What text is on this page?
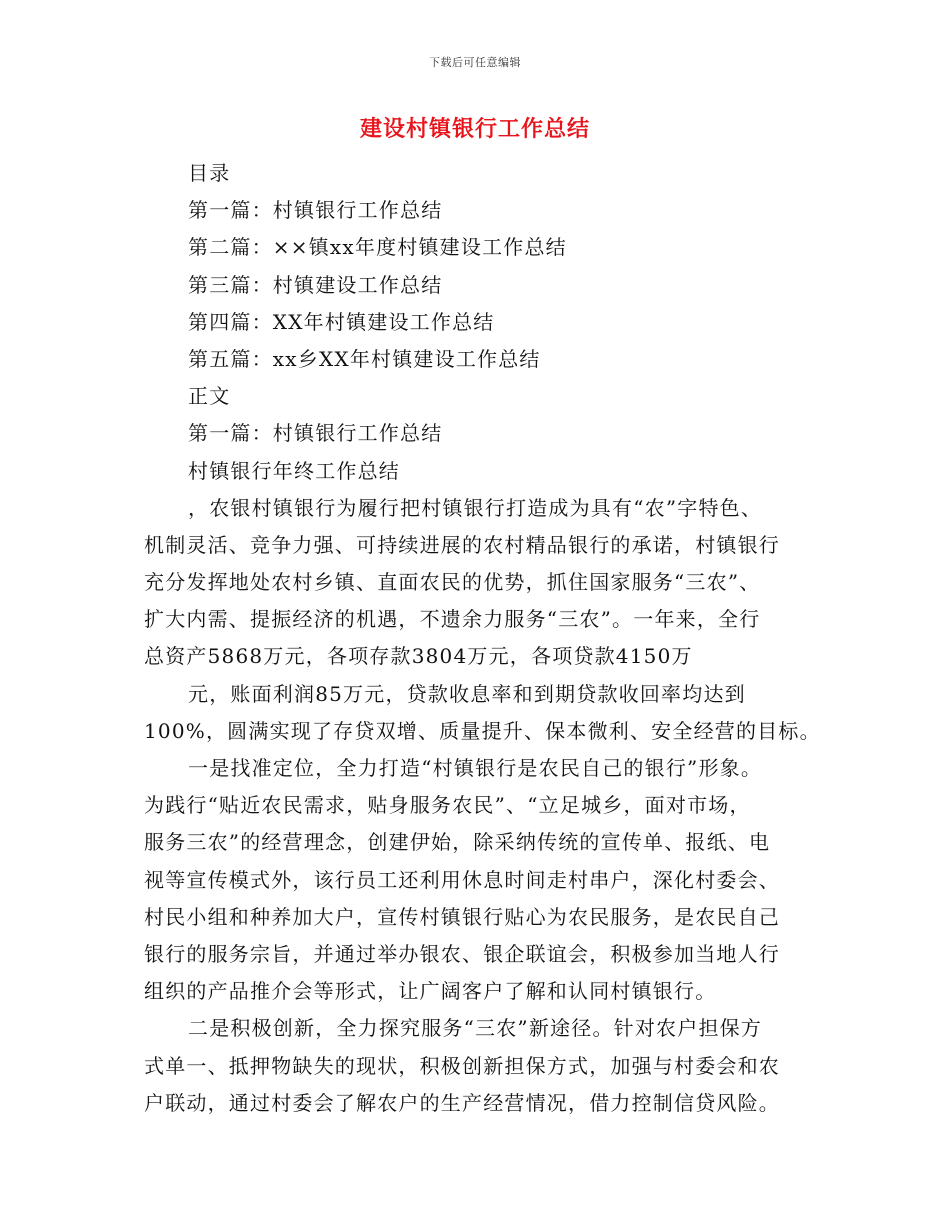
下载后可任意编辑
建设村镇银行工作总结
目录
第一篇：村镇银行工作总结
第二篇：××镇xx年度村镇建设工作总结
第三篇：村镇建设工作总结
第四篇：XX年村镇建设工作总结
第五篇：xx乡XX年村镇建设工作总结
正文
第一篇：村镇银行工作总结
村镇银行年终工作总结
，农银村镇银行为履行把村镇银行打造成为具有“农”字特色、
机制灵活、竞争力强、可持续进展的农村精品银行的承诺，村镇银行
充分发挥地处农村乡镇、直面农民的优势，抓住国家服务“三农”、
扩大内需、提振经济的机遇，不遗余力服务“三农”。一年来，全行
总资产5868万元，各项存款3804万元，各项贷款4150万
元，账面利润85万元，贷款收息率和到期贷款收回率均达到
100%，圆满实现了存贷双增、质量提升、保本微利、安全经营的目标。
一是找准定位，全力打造“村镇银行是农民自己的银行”形象。
为践行“贴近农民需求，贴身服务农民”、“立足城乡，面对市场，
服务三农”的经营理念，创建伊始，除采纳传统的宣传单、报纸、电
视等宣传模式外，该行员工还利用休息时间走村串户，深化村委会、
村民小组和种养加大户，宣传村镇银行贴心为农民服务，是农民自己
银行的服务宗旨，并通过举办银农、银企联谊会，积极参加当地人行
组织的产品推介会等形式，让广阔客户了解和认同村镇银行。
二是积极创新，全力探究服务“三农”新途径。针对农户担保方
式单一、抵押物缺失的现状，积极创新担保方式，加强与村委会和农
户联动，通过村委会了解农户的生产经营情况，借力控制信贷风险。
